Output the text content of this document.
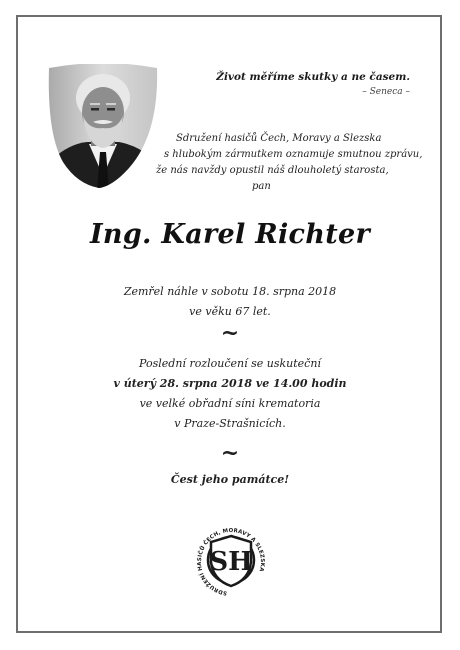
Život měříme skutky a ne časem.
– Seneca –
Sdružení hasičů Čech, Moravy a Slezska
s hlubokým zármutkem oznamuje smutnou zprávu,
že nás navždy opustil náš dlouholetý starosta,
pan
Ing. Karel Richter
Zemřel náhle v sobotu 18. srpna 2018
ve věku 67 let.
~
Poslední rozloučení se uskuteční
v úterý 28. srpna 2018 ve 14.00 hodin
ve velké obřadní síni krematoria
v Praze-Strašnicích.
~
Čest jeho památce!
SH
SDRUŽENÍ HASIČŮ ČECH, MORAVY A SLEZSKA
